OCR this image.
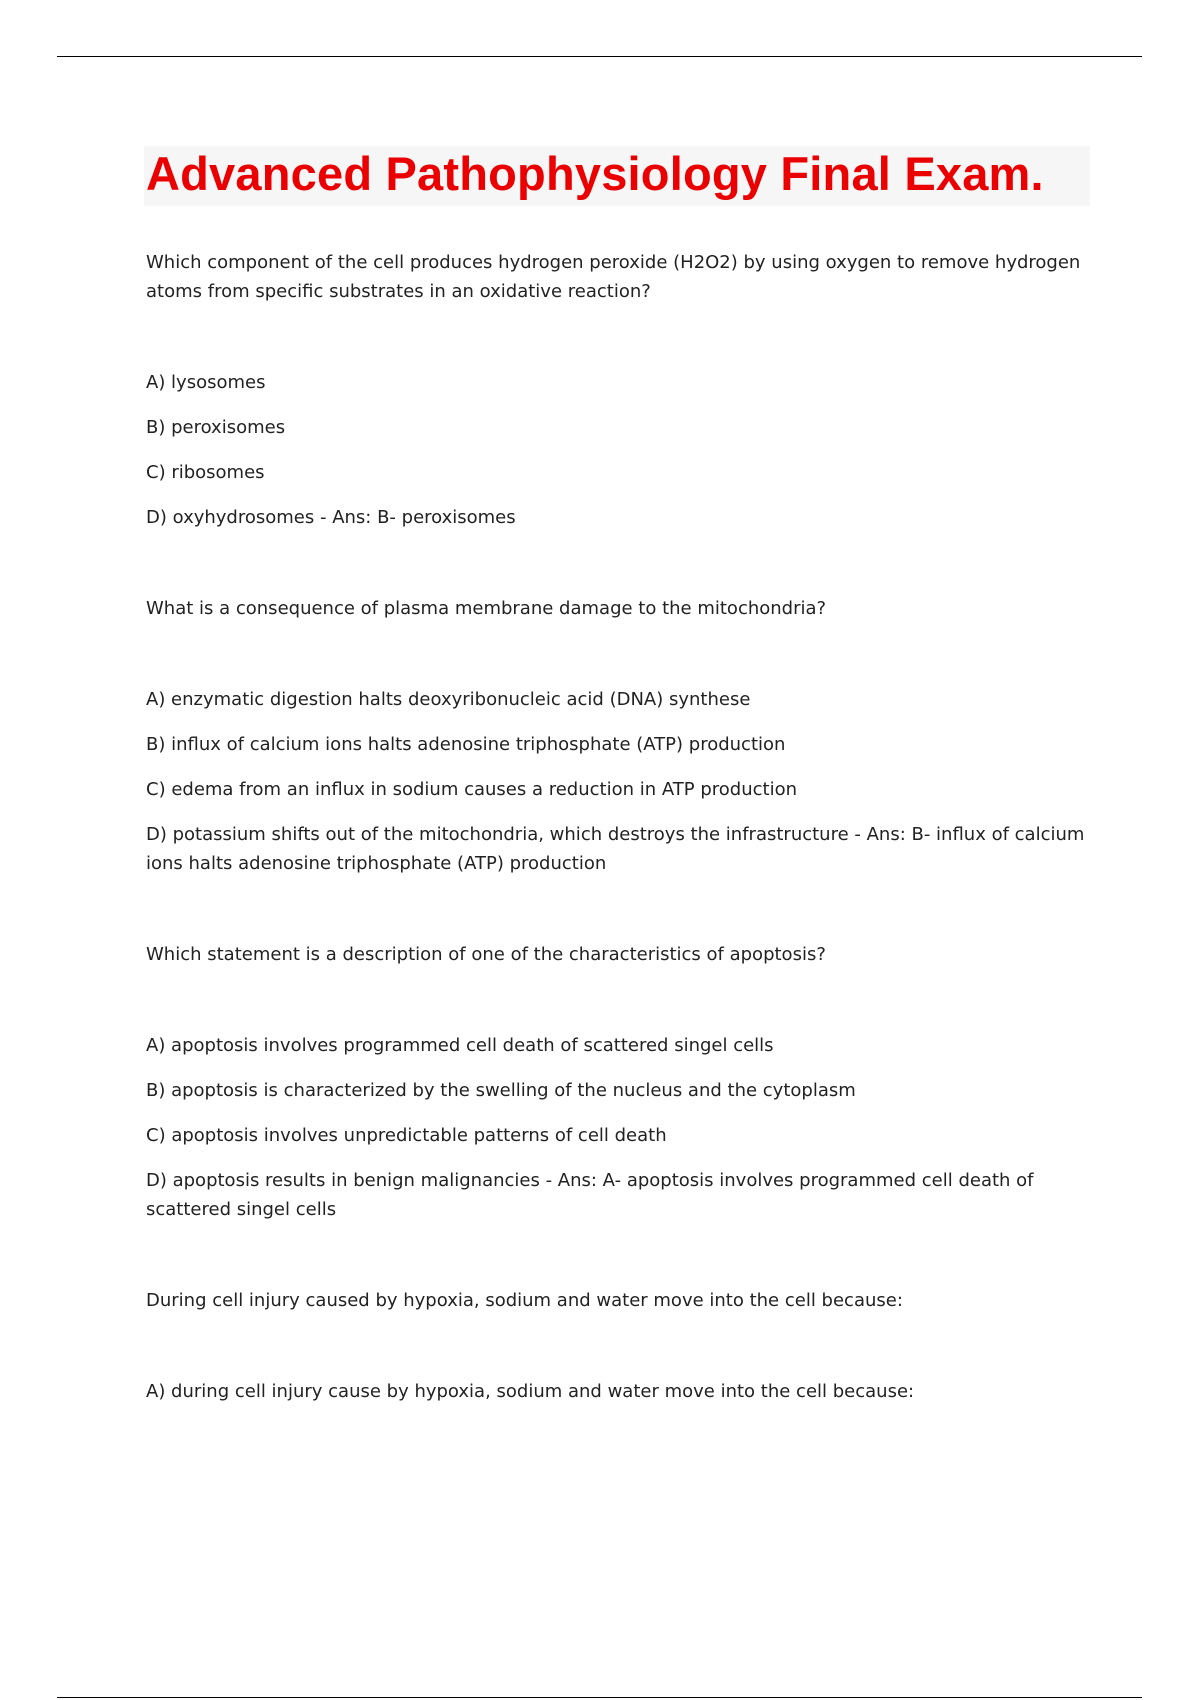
Advanced Pathophysiology Final Exam.

Which component of the cell produces hydrogen peroxide (H2O2) by using oxygen to remove hydrogen atoms from specific substrates in an oxidative reaction?

A) lysosomes

B) peroxisomes

C) ribosomes

D) oxyhydrosomes - Ans: B- peroxisomes

What is a consequence of plasma membrane damage to the mitochondria?

A) enzymatic digestion halts deoxyribonucleic acid (DNA) synthese

B) influx of calcium ions halts adenosine triphosphate (ATP) production

C) edema from an influx in sodium causes a reduction in ATP production

D) potassium shifts out of the mitochondria, which destroys the infrastructure - Ans: B- influx of calcium ions halts adenosine triphosphate (ATP) production

Which statement is a description of one of the characteristics of apoptosis?

A) apoptosis involves programmed cell death of scattered singel cells

B) apoptosis is characterized by the swelling of the nucleus and the cytoplasm

C) apoptosis involves unpredictable patterns of cell death

D) apoptosis results in benign malignancies - Ans: A- apoptosis involves programmed cell death of scattered singel cells

During cell injury caused by hypoxia, sodium and water move into the cell because:

A) during cell injury cause by hypoxia, sodium and water move into the cell because:
